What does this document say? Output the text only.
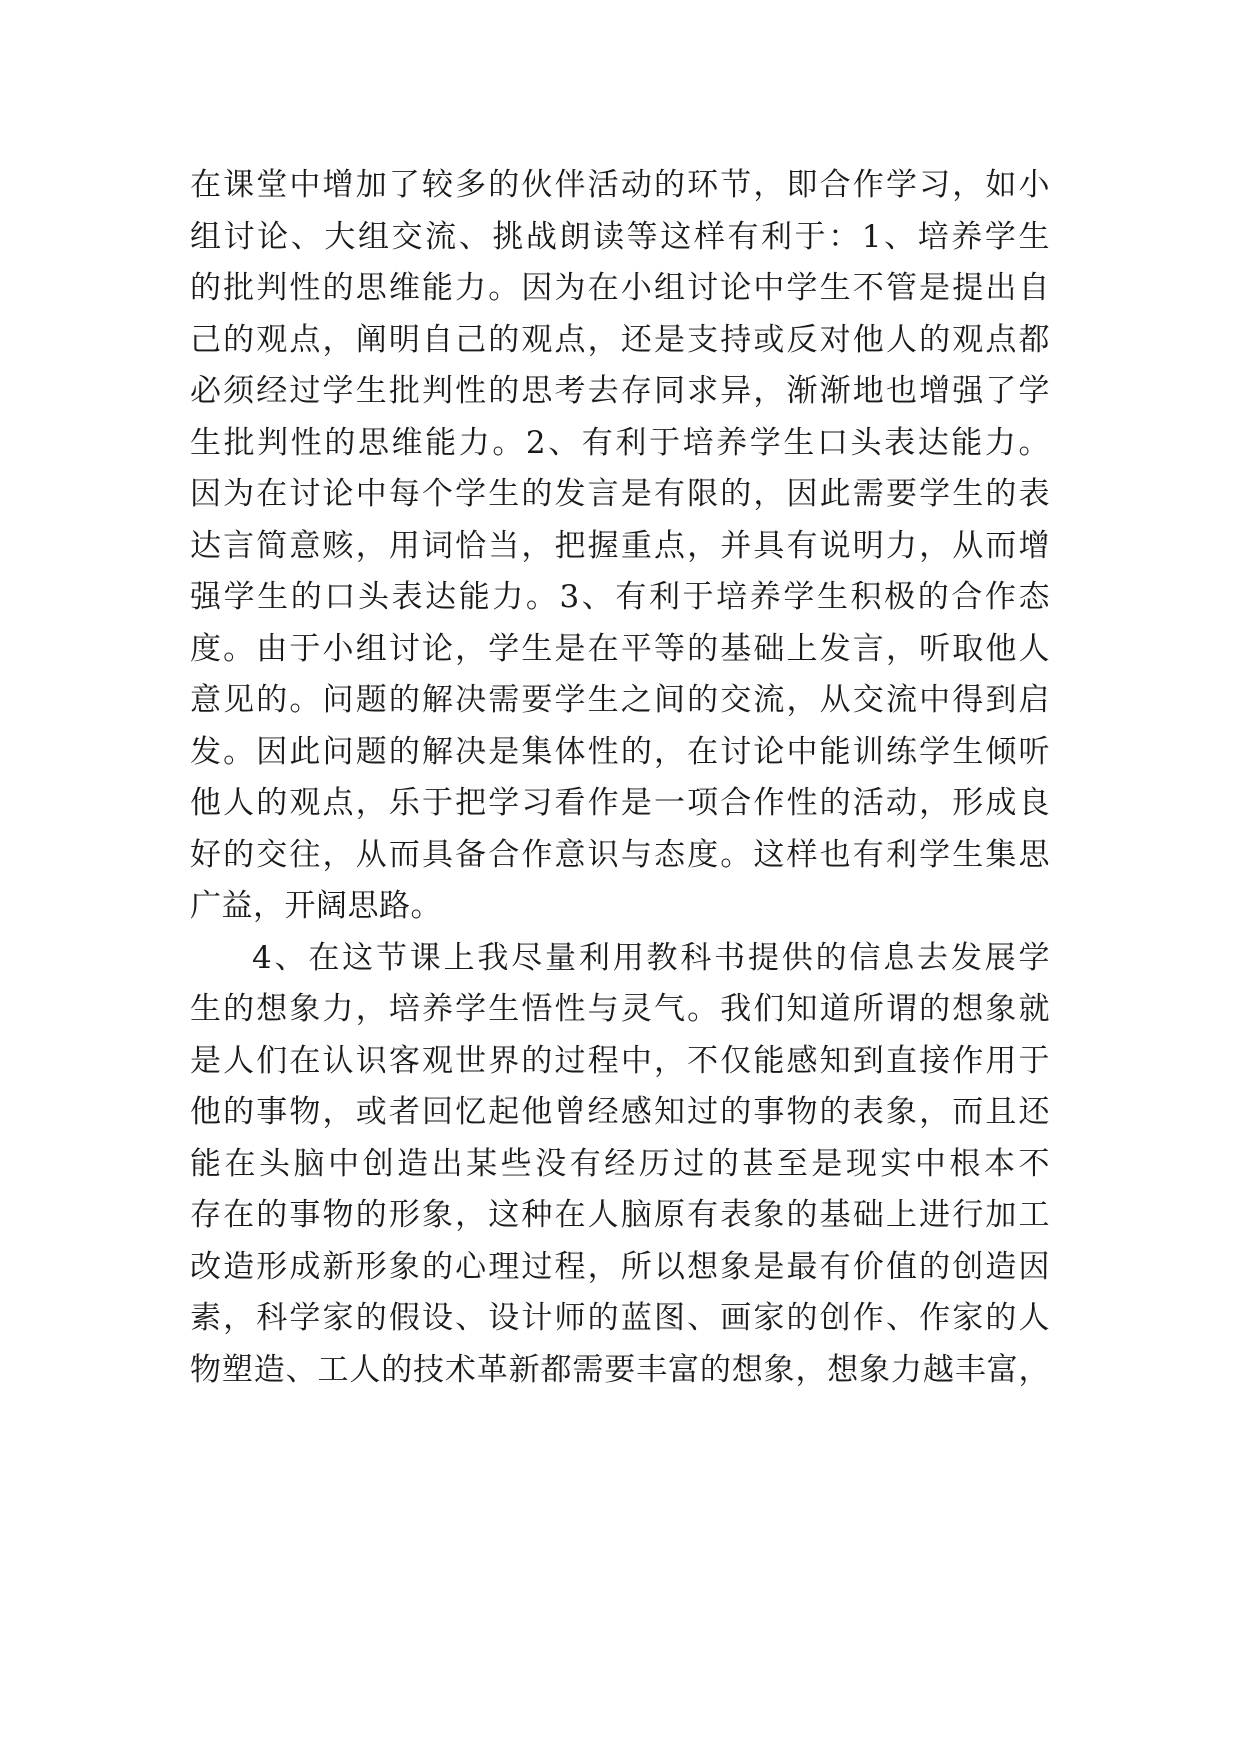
在课堂中增加了较多的伙伴活动的环节，即合作学习，如小
组讨论、大组交流、挑战朗读等这样有利于：1、培养学生
的批判性的思维能力。因为在小组讨论中学生不管是提出自
己的观点，阐明自己的观点，还是支持或反对他人的观点都
必须经过学生批判性的思考去存同求异，渐渐地也增强了学
生批判性的思维能力。2、有利于培养学生口头表达能力。
因为在讨论中每个学生的发言是有限的，因此需要学生的表
达言简意赅，用词恰当，把握重点，并具有说明力，从而增
强学生的口头表达能力。3、有利于培养学生积极的合作态
度。由于小组讨论，学生是在平等的基础上发言，听取他人
意见的。问题的解决需要学生之间的交流，从交流中得到启
发。因此问题的解决是集体性的，在讨论中能训练学生倾听
他人的观点，乐于把学习看作是一项合作性的活动，形成良
好的交往，从而具备合作意识与态度。这样也有利学生集思
广益，开阔思路。
4、在这节课上我尽量利用教科书提供的信息去发展学
生的想象力，培养学生悟性与灵气。我们知道所谓的想象就
是人们在认识客观世界的过程中，不仅能感知到直接作用于
他的事物，或者回忆起他曾经感知过的事物的表象，而且还
能在头脑中创造出某些没有经历过的甚至是现实中根本不
存在的事物的形象，这种在人脑原有表象的基础上进行加工
改造形成新形象的心理过程，所以想象是最有价值的创造因
素，科学家的假设、设计师的蓝图、画家的创作、作家的人
物塑造、工人的技术革新都需要丰富的想象，想象力越丰富，
